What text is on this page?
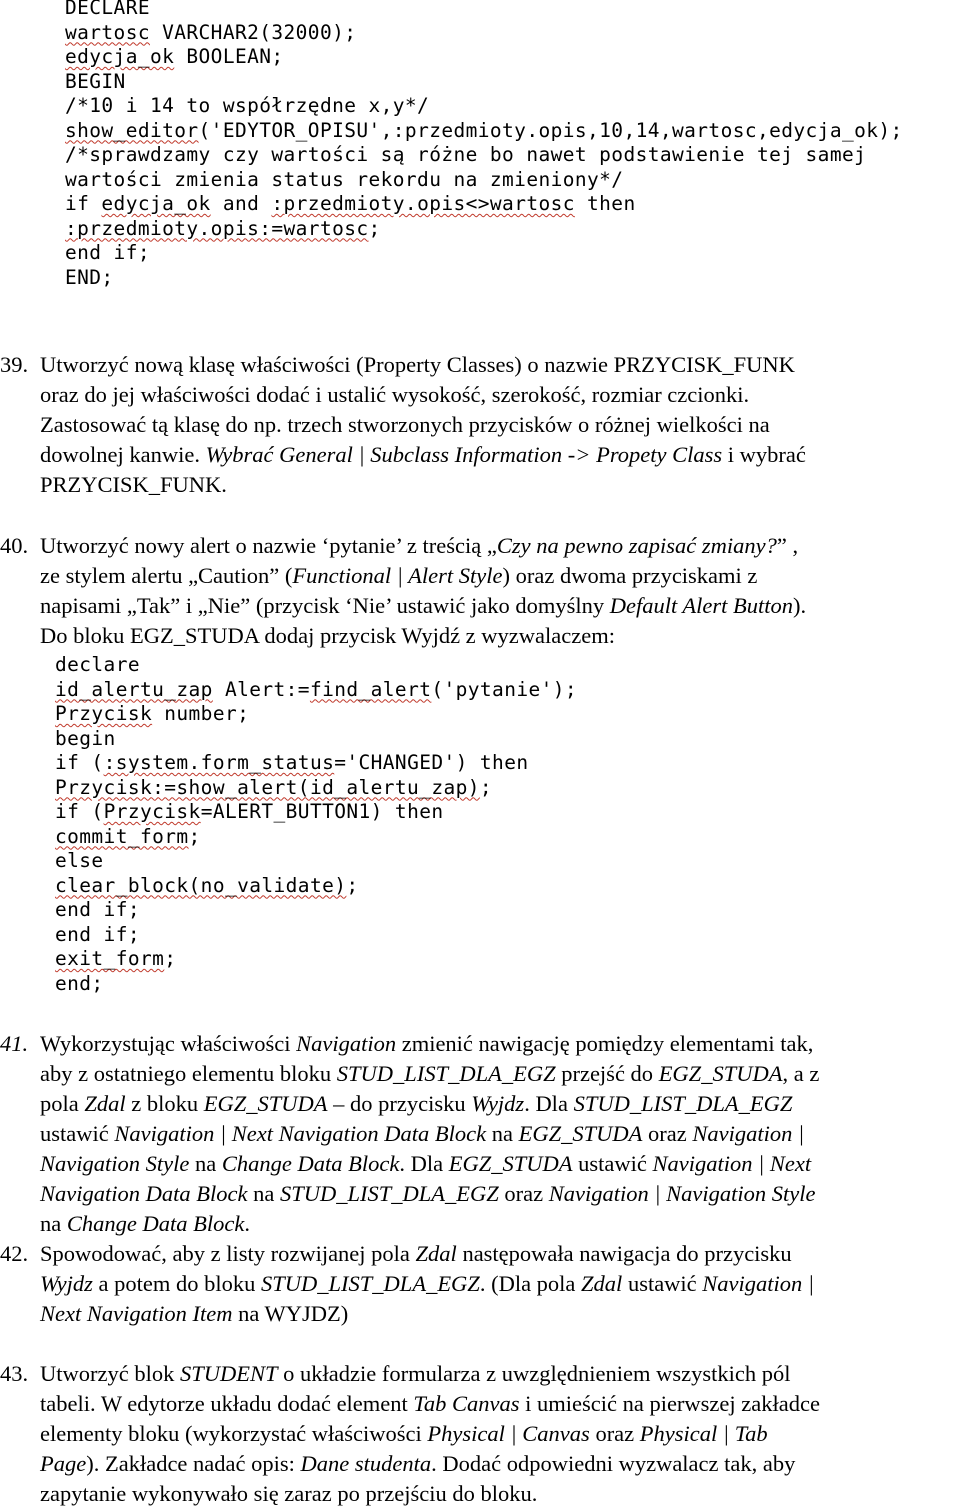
DECLARE
wartosc VARCHAR2(32000);
edycja_ok BOOLEAN;
BEGIN
/*10 i 14 to współrzędne x,y*/
show_editor('EDYTOR_OPISU',:przedmioty.opis,10,14,wartosc,edycja_ok);
/*sprawdzamy czy wartości są różne bo nawet podstawienie tej samej
wartości zmienia status rekordu na zmieniony*/
if edycja_ok and :przedmioty.opis<>wartosc then
:przedmioty.opis:=wartosc;
end if;
END;
39. Utworzyć nową klasę właściwości (Property Classes) o nazwie PRZYCISK_FUNK
oraz do jej właściwości dodać i ustalić wysokość, szerokość, rozmiar czcionki.
Zastosować tą klasę do np. trzech stworzonych przycisków o różnej wielkości na
dowolnej kanwie. Wybrać General | Subclass Information -> Propety Class i wybrać
PRZYCISK_FUNK.
40. Utworzyć nowy alert o nazwie ‘pytanie’ z treścią „Czy na pewno zapisać zmiany?” ,
ze stylem alertu „Caution” (Functional | Alert Style) oraz dwoma przyciskami z
napisami „Tak” i „Nie” (przycisk ‘Nie’ ustawić jako domyślny Default Alert Button).
Do bloku EGZ_STUDA dodaj przycisk Wyjdź z wyzwalaczem:
declare
id_alertu_zap Alert:=find_alert('pytanie');
Przycisk number;
begin
if (:system.form_status='CHANGED') then
Przycisk:=show_alert(id_alertu_zap);
if (Przycisk=ALERT_BUTTON1) then
commit_form;
else
clear_block(no_validate);
end if;
end if;
exit_form;
end;
41. Wykorzystując właściwości Navigation zmienić nawigację pomiędzy elementami tak,
aby z ostatniego elementu bloku STUD_LIST_DLA_EGZ przejść do EGZ_STUDA, a z
pola Zdal z bloku EGZ_STUDA – do przycisku Wyjdz. Dla STUD_LIST_DLA_EGZ
ustawić Navigation | Next Navigation Data Block na EGZ_STUDA oraz Navigation |
Navigation Style na Change Data Block. Dla EGZ_STUDA ustawić Navigation | Next
Navigation Data Block na STUD_LIST_DLA_EGZ oraz Navigation | Navigation Style
na Change Data Block.
42. Spowodować, aby z listy rozwijanej pola Zdal następowała nawigacja do przycisku
Wyjdz a potem do bloku STUD_LIST_DLA_EGZ. (Dla pola Zdal ustawić Navigation |
Next Navigation Item na WYJDZ)
43. Utworzyć blok STUDENT o układzie formularza z uwzględnieniem wszystkich pól
tabeli. W edytorze układu dodać element Tab Canvas i umieścić na pierwszej zakładce
elementy bloku (wykorzystać właściwości Physical | Canvas oraz Physical | Tab
Page). Zakładce nadać opis: Dane studenta. Dodać odpowiedni wyzwalacz tak, aby
zapytanie wykonywało się zaraz po przejściu do bloku.
